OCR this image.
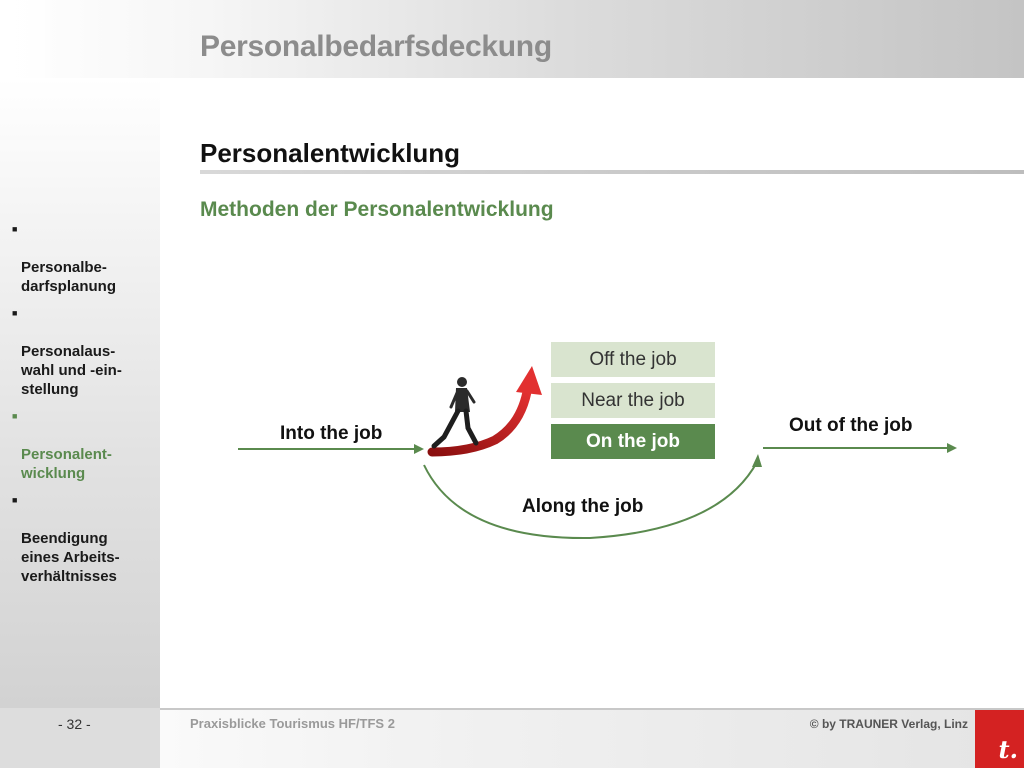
Personalbedarfsdeckung

■

Personalbe-
darfsplanung

■

Personalaus-
wahl und -ein-
stellung

■

Personalent-
wicklung

■

Beendigung
eines Arbeits-
verhältnisses

Personalentwicklung
Methoden der Personalentwicklung
Off the job
Near the job
On the job
Into the job	Out of the job
Along the job
- 32 -	Praxisblicke Tourismus HF/TFS 2	© by TRAUNER Verlag, Linz
t.
